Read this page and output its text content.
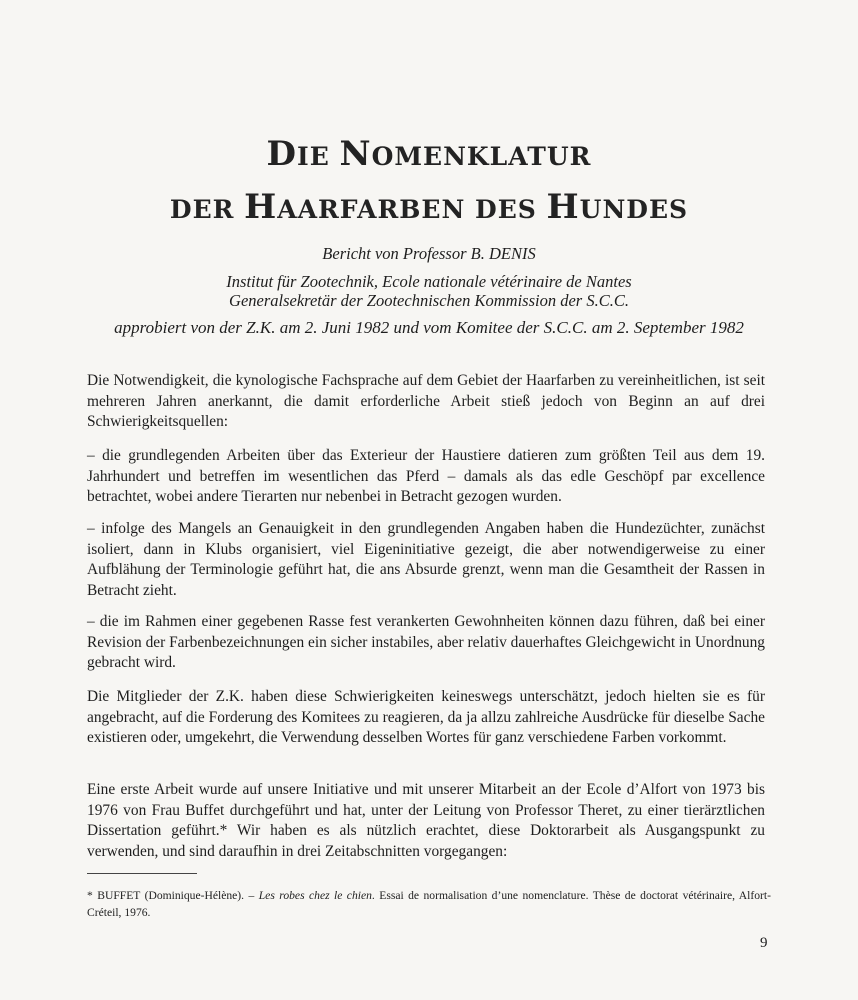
DIE NOMENKLATUR
DER HAARFARBEN DES HUNDES

Bericht von Professor B. DENIS

Institut für Zootechnik, Ecole nationale vétérinaire de Nantes

Generalsekretär der Zootechnischen Kommission der S.C.C.

approbiert von der Z.K. am 2. Juni 1982 und vom Komitee der S.C.C. am 2. September 1982

Die Notwendigkeit, die kynologische Fachsprache auf dem Gebiet der Haarfarben zu vereinheitlichen, ist seit mehreren Jahren anerkannt, die damit erforderliche Arbeit stieß jedoch von Beginn an auf drei Schwierigkeitsquellen:

– die grundlegenden Arbeiten über das Exterieur der Haustiere datieren zum größten Teil aus dem 19. Jahrhundert und betreffen im wesentlichen das Pferd – damals als das edle Geschöpf par excellence betrachtet, wobei andere Tierarten nur nebenbei in Betracht gezogen wurden.

– infolge des Mangels an Genauigkeit in den grundlegenden Angaben haben die Hundezüchter, zunächst isoliert, dann in Klubs organisiert, viel Eigeninitiative gezeigt, die aber notwendigerweise zu einer Aufblähung der Terminologie geführt hat, die ans Absurde grenzt, wenn man die Gesamtheit der Rassen in Betracht zieht.

– die im Rahmen einer gegebenen Rasse fest verankerten Gewohnheiten können dazu führen, daß bei einer Revision der Farbenbezeichnungen ein sicher instabiles, aber relativ dauerhaftes Gleichgewicht in Unordnung gebracht wird.

Die Mitglieder der Z.K. haben diese Schwierigkeiten keineswegs unterschätzt, jedoch hielten sie es für angebracht, auf die Forderung des Komitees zu reagieren, da ja allzu zahlreiche Ausdrücke für dieselbe Sache existieren oder, umgekehrt, die Verwendung desselben Wortes für ganz verschiedene Farben vorkommt.

Eine erste Arbeit wurde auf unsere Initiative und mit unserer Mitarbeit an der Ecole d’Alfort von 1973 bis 1976 von Frau Buffet durchgeführt und hat, unter der Leitung von Professor Theret, zu einer tierärztlichen Dissertation geführt.* Wir haben es als nützlich erachtet, diese Doktorarbeit als Ausgangspunkt zu verwenden, und sind daraufhin in drei Zeitabschnitten vorgegangen:

* BUFFET (Dominique-Hélène). – Les robes chez le chien. Essai de normalisation d’une nomenclature. Thèse de doctorat vétérinaire, Alfort-Créteil, 1976.

9
